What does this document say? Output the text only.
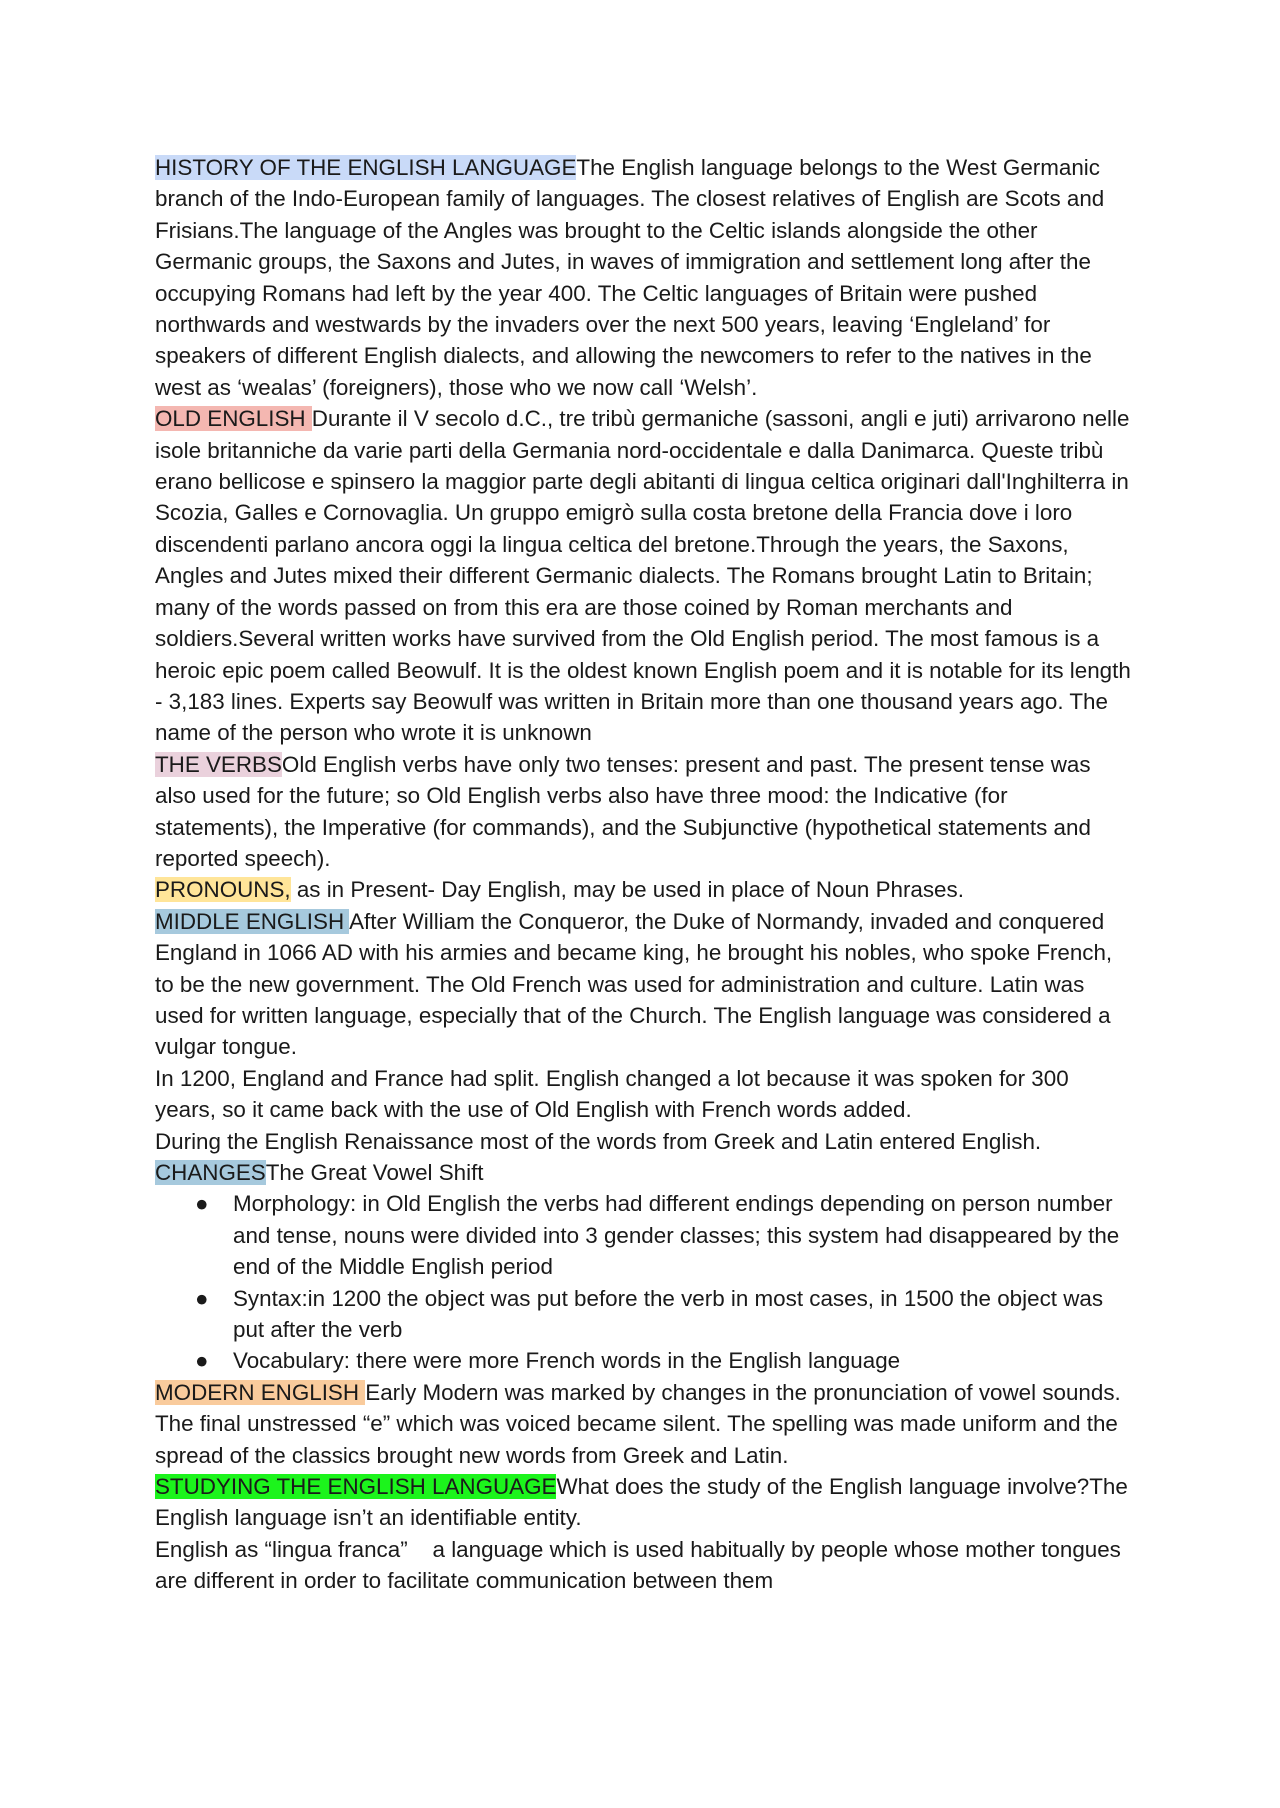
HISTORY OF THE ENGLISH LANGUAGEThe English language belongs to the West Germanic branch of the Indo-European family of languages. The closest relatives of English are Scots and Frisians.The language of the Angles was brought to the Celtic islands alongside the other Germanic groups, the Saxons and Jutes, in waves of immigration and settlement long after the occupying Romans had left by the year 400. The Celtic languages of Britain were pushed northwards and westwards by the invaders over the next 500 years, leaving ‘Engleland’ for speakers of different English dialects, and allowing the newcomers to refer to the natives in the west as ‘wealas’ (foreigners), those who we now call ‘Welsh’.

OLD ENGLISH Durante il V secolo d.C., tre tribù germaniche (sassoni, angli e juti) arrivarono nelle isole britanniche da varie parti della Germania nord-occidentale e dalla Danimarca. Queste tribù erano bellicose e spinsero la maggior parte degli abitanti di lingua celtica originari dall'Inghilterra in Scozia, Galles e Cornovaglia. Un gruppo emigrò sulla costa bretone della Francia dove i loro discendenti parlano ancora oggi la lingua celtica del bretone.Through the years, the Saxons, Angles and Jutes mixed their different Germanic dialects. The Romans brought Latin to Britain; many of the words passed on from this era are those coined by Roman merchants and soldiers.Several written works have survived from the Old English period. The most famous is a heroic epic poem called Beowulf. It is the oldest known English poem and it is notable for its length - 3,183 lines. Experts say Beowulf was written in Britain more than one thousand years ago. The name of the person who wrote it is unknown

THE VERBSOld English verbs have only two tenses: present and past. The present tense was also used for the future; so Old English verbs also have three mood: the Indicative (for statements), the Imperative (for commands), and the Subjunctive (hypothetical statements and reported speech).

PRONOUNS, as in Present- Day English, may be used in place of Noun Phrases.

MIDDLE ENGLISH After William the Conqueror, the Duke of Normandy, invaded and conquered England in 1066 AD with his armies and became king, he brought his nobles, who spoke French, to be the new government. The Old French was used for administration and culture. Latin was used for written language, especially that of the Church. The English language was considered a vulgar tongue.

In 1200, England and France had split. English changed a lot because it was spoken for 300 years, so it came back with the use of Old English with French words added.

During the English Renaissance most of the words from Greek and Latin entered English.

CHANGESThe Great Vowel Shift

● Morphology: in Old English the verbs had different endings depending on person number and tense, nouns were divided into 3 gender classes; this system had disappeared by the end of the Middle English period
● Syntax:in 1200 the object was put before the verb in most cases, in 1500 the object was put after the verb
● Vocabulary: there were more French words in the English language

MODERN ENGLISH Early Modern was marked by changes in the pronunciation of vowel sounds. The final unstressed “e” which was voiced became silent. The spelling was made uniform and the spread of the classics brought new words from Greek and Latin.

STUDYING THE ENGLISH LANGUAGEWhat does the study of the English language involve?The English language isn’t an identifiable entity.

English as “lingua franca”    a language which is used habitually by people whose mother tongues are different in order to facilitate communication between them
